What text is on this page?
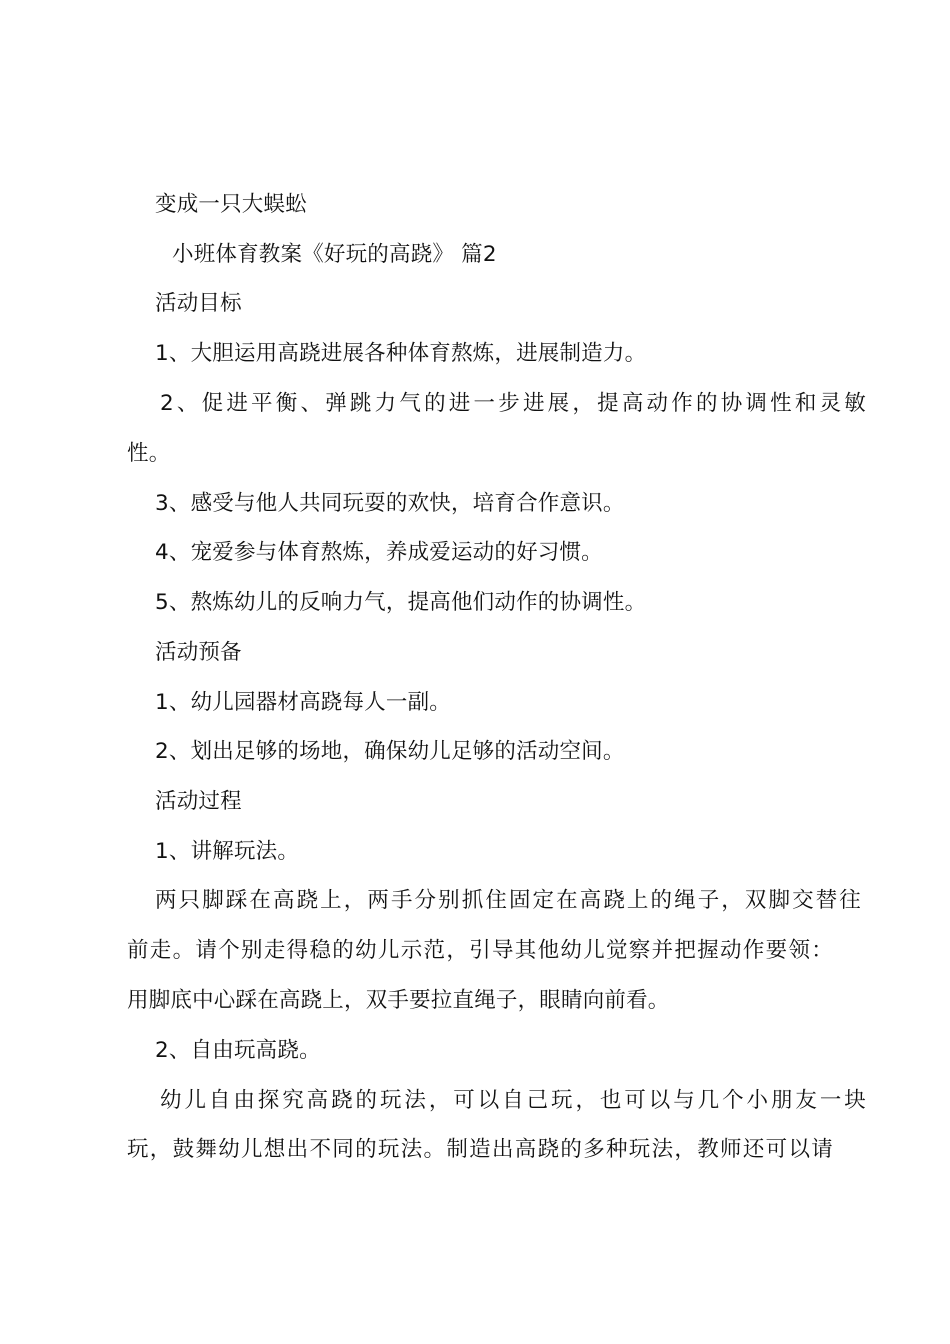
变成一只大蜈蚣
小班体育教案《好玩的高跷》 篇2
活动目标
1、大胆运用高跷进展各种体育熬炼，进展制造力。
2、促进平衡、弹跳力气的进一步进展，提高动作的协调性和灵敏
性。
3、感受与他人共同玩耍的欢快，培育合作意识。
4、宠爱参与体育熬炼，养成爱运动的好习惯。
5、熬炼幼儿的反响力气，提高他们动作的协调性。
活动预备
1、幼儿园器材高跷每人一副。
2、划出足够的场地，确保幼儿足够的活动空间。
活动过程
1、讲解玩法。
两只脚踩在高跷上，两手分别抓住固定在高跷上的绳子，双脚交替往
前走。请个别走得稳的幼儿示范，引导其他幼儿觉察并把握动作要领：
用脚底中心踩在高跷上，双手要拉直绳子，眼睛向前看。
2、自由玩高跷。
幼儿自由探究高跷的玩法，可以自己玩，也可以与几个小朋友一块
玩，鼓舞幼儿想出不同的玩法。制造出高跷的多种玩法，教师还可以请
